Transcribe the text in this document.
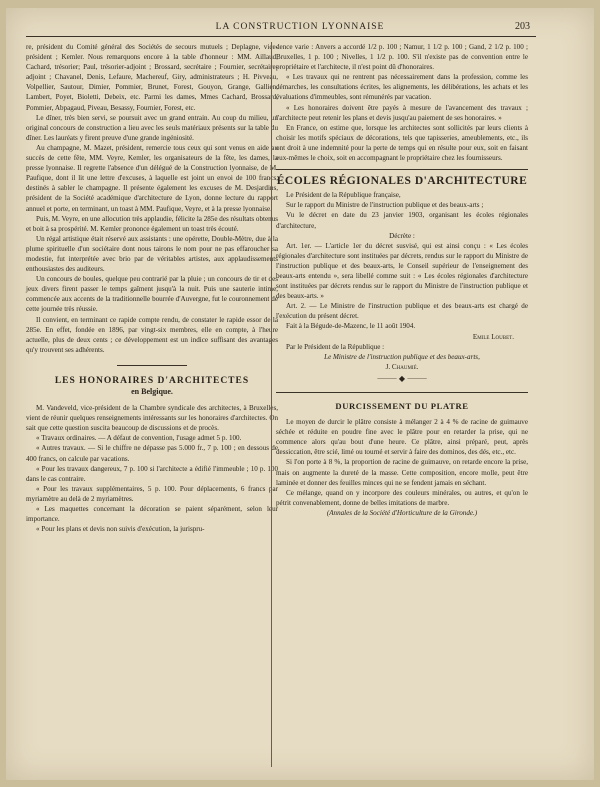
LA CONSTRUCTION LYONNAISE	203

re, président du Comité général des Sociétés de secours mutuels ; Deplagne, vice-président ; Kemler. Nous remarquons encore à la table d'honneur : MM. Aillaud, Cachard, trésorier; Paul, trésorier-adjoint ; Brossard, secrétaire ; Fournier, secrétaire-adjoint ; Chavanel, Denis, Lefaure, Machereuf, Giry, administrateurs ; H. Pivveau, Volpellier, Sautour, Dimier, Pommier, Brunet, Forest, Gouyon, Grange, Gallien, Lambert, Poyet, Bioletti, Debeix, etc. Parmi les dames, Mmes Cachard, Brossard, Pommier, Abpagaud, Piveau, Besassy, Fournier, Forest, etc.

Le dîner, très bien servi, se poursuit avec un grand entrain. Au coup du milieu, un original concours de construction a lieu avec les seuls matériaux présents sur la table du dîner. Les lauréats y firent preuve d'une grande ingéniosité.

Au champagne, M. Mazet, président, remercie tous ceux qui sont venus en aide au succès de cette fête, MM. Veyre, Kemler, les organisateurs de la fête, les dames, la presse lyonnaise. Il regrette l'absence d'un délégué de la Construction lyonnaise, de M. Paufique, dont il lit une lettre d'excuses, à laquelle est joint un envoi de 100 francs, destinés à sabler le champagne. Il présente également les excuses de M. Desjardins, président de la Société académique d'architecture de Lyon, donne lecture du rapport annuel et porte, en terminant, un toast à MM. Paufique, Veyre, et à la presse lyonnaise.

Puis, M. Veyre, en une allocution très applaudie, félicite la 285e des résultats obtenus et boit à sa prospérité. M. Kemler prononce également un toast très écouté.

Un régal artistique était réservé aux assistants : une opérette, Double-Mètre, due à la plume spirituelle d'un sociétaire dont nous tairons le nom pour ne pas effaroucher sa modestie, fut interprétée avec brio par de véritables artistes, aux applaudissements enthousiastes des auditeurs.

Un concours de boules, quelque peu contrarié par la pluie ; un concours de tir et des jeux divers firent passer le temps gaîment jusqu'à la nuit. Puis une sauterie intime, commencée aux accents de la traditionnelle bourrée d'Auvergne, fut le couronnement de cette journée très réussie.

Il convient, en terminant ce rapide compte rendu, de constater le rapide essor de la 285e. En effet, fondée en 1896, par vingt-six membres, elle en compte, à l'heure actuelle, plus de deux cents ; ce développement est un indice suffisant des avantages qu'y trouvent ses adhérents.

LES HONORAIRES D'ARCHITECTES
en Belgique.

M. Vandeveld, vice-président de la Chambre syndicale des architectes, à Bruxelles, vient de réunir quelques renseignements intéressants sur les honoraires d'architectes. On sait que cette question suscita beaucoup de discussions et de procès.

« Travaux ordinaires. — A défaut de convention, l'usage admet 5 p. 100.

« Autres travaux. — Si le chiffre ne dépasse pas 5.000 fr., 7 p. 100 ; en dessous de 400 francs, on calcule par vacations.

« Pour les travaux dangereux, 7 p. 100 si l'architecte a édifié l'immeuble ; 10 p. 100 dans le cas contraire.

« Pour les travaux supplémentaires, 5 p. 100. Pour déplacements, 6 francs par myriamètre au delà de 2 myriamètres.

« Les maquettes concernant la décoration se paient séparément, selon leur importance.

« Pour les plans et devis non suivis d'exécution, la jurispru-

dence varie : Anvers a accordé 1/2 p. 100 ; Namur, 1 1/2 p. 100 ; Gand, 2 1/2 p. 100 ; Bruxelles, 1 p. 100 ; Nivelles, 1 1/2 p. 100. S'il n'existe pas de convention entre le propriétaire et l'architecte, il n'est point dû d'honoraires.

« Les travaux qui ne rentrent pas nécessairement dans la profession, comme les démarches, les consultations écrites, les alignements, les délibérations, les achats et les évaluations d'immeubles, sont rémunérés par vacation.

« Les honoraires doivent être payés à mesure de l'avancement des travaux ; l'architecte peut retenir les plans et devis jusqu'au paiement de ses honoraires. »

En France, on estime que, lorsque les architectes sont sollicités par leurs clients à choisir les motifs spéciaux de décorations, tels que tapisseries, ameublements, etc., ils ont droit à une indemnité pour la perte de temps qui en résulte pour eux, soit en faisant eux-mêmes le choix, soit en accompagnant le propriétaire chez les fournisseurs.

ÉCOLES RÉGIONALES D'ARCHITECTURE

Le Président de la République française,

Sur le rapport du Ministre de l'instruction publique et des beaux-arts ;

Vu le décret en date du 23 janvier 1903, organisant les écoles régionales d'architecture,

Décrète :

Art. 1er. — L'article 1er du décret susvisé, qui est ainsi conçu : « Les écoles régionales d'architecture sont instituées par décrets, rendus sur le rapport du Ministre de l'instruction publique et des beaux-arts, le Conseil supérieur de l'enseignement des beaux-arts entendu », sera libellé comme suit : « Les écoles régionales d'architecture sont instituées par décrets rendus sur le rapport du Ministre de l'instruction publique et des beaux-arts. »

Art. 2. — Le Ministre de l'instruction publique et des beaux-arts est chargé de l'exécution du présent décret.

Fait à la Bégude-de-Mazenc, le 11 août 1904.

Emile Loubet.

Par le Président de la République :

Le Ministre de l'instruction publique et des beaux-arts,

J. Chaumié.

⸻ ◆ ⸻
DURCISSEMENT DU PLATRE

Le moyen de durcir le plâtre consiste à mélanger 2 à 4 % de racine de guimauve séchée et réduite en poudre fine avec le plâtre pour en retarder la prise, qui ne commence alors qu'au bout d'une heure. Ce plâtre, ainsi préparé, peut, après dessiccation, être scié, limé ou tourné et servir à faire des dominos, des dés, etc., etc.

Si l'on porte à 8 %, la proportion de racine de guimauve, on retarde encore la prise, mais on augmente la dureté de la masse. Cette composition, encore molle, peut être laminée et donner des feuilles minces qui ne se fendent jamais en séchant.

Ce mélange, quand on y incorpore des couleurs minérales, ou autres, et qu'on le pétrit convenablement, donne de belles imitations de marbre.

(Annales de la Société d'Horticulture de la Gironde.)
